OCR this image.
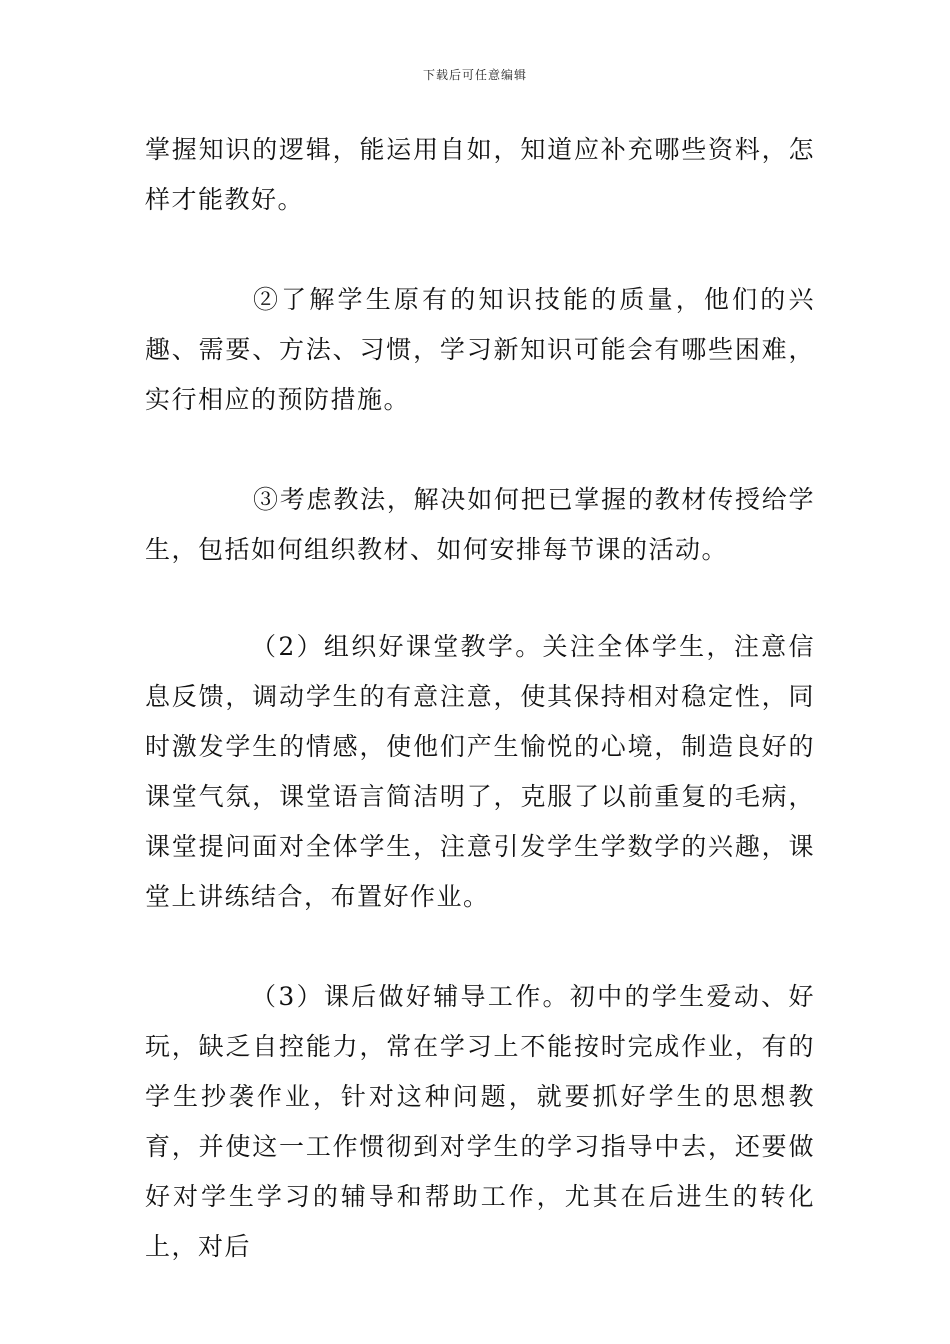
下载后可任意编辑

掌握知识的逻辑，能运用自如，知道应补充哪些资料，怎样才能教好。

②了解学生原有的知识技能的质量，他们的兴趣、需要、方法、习惯，学习新知识可能会有哪些困难，实行相应的预防措施。

③考虑教法，解决如何把已掌握的教材传授给学生，包括如何组织教材、如何安排每节课的活动。

（2）组织好课堂教学。关注全体学生，注意信息反馈，调动学生的有意注意，使其保持相对稳定性，同时激发学生的情感，使他们产生愉悦的心境，制造良好的课堂气氛，课堂语言简洁明了，克服了以前重复的毛病，课堂提问面对全体学生，注意引发学生学数学的兴趣，课堂上讲练结合，布置好作业。

（3）课后做好辅导工作。初中的学生爱动、好玩，缺乏自控能力，常在学习上不能按时完成作业，有的学生抄袭作业，针对这种问题，就要抓好学生的思想教育，并使这一工作惯彻到对学生的学习指导中去，还要做好对学生学习的辅导和帮助工作，尤其在后进生的转化上，对后
